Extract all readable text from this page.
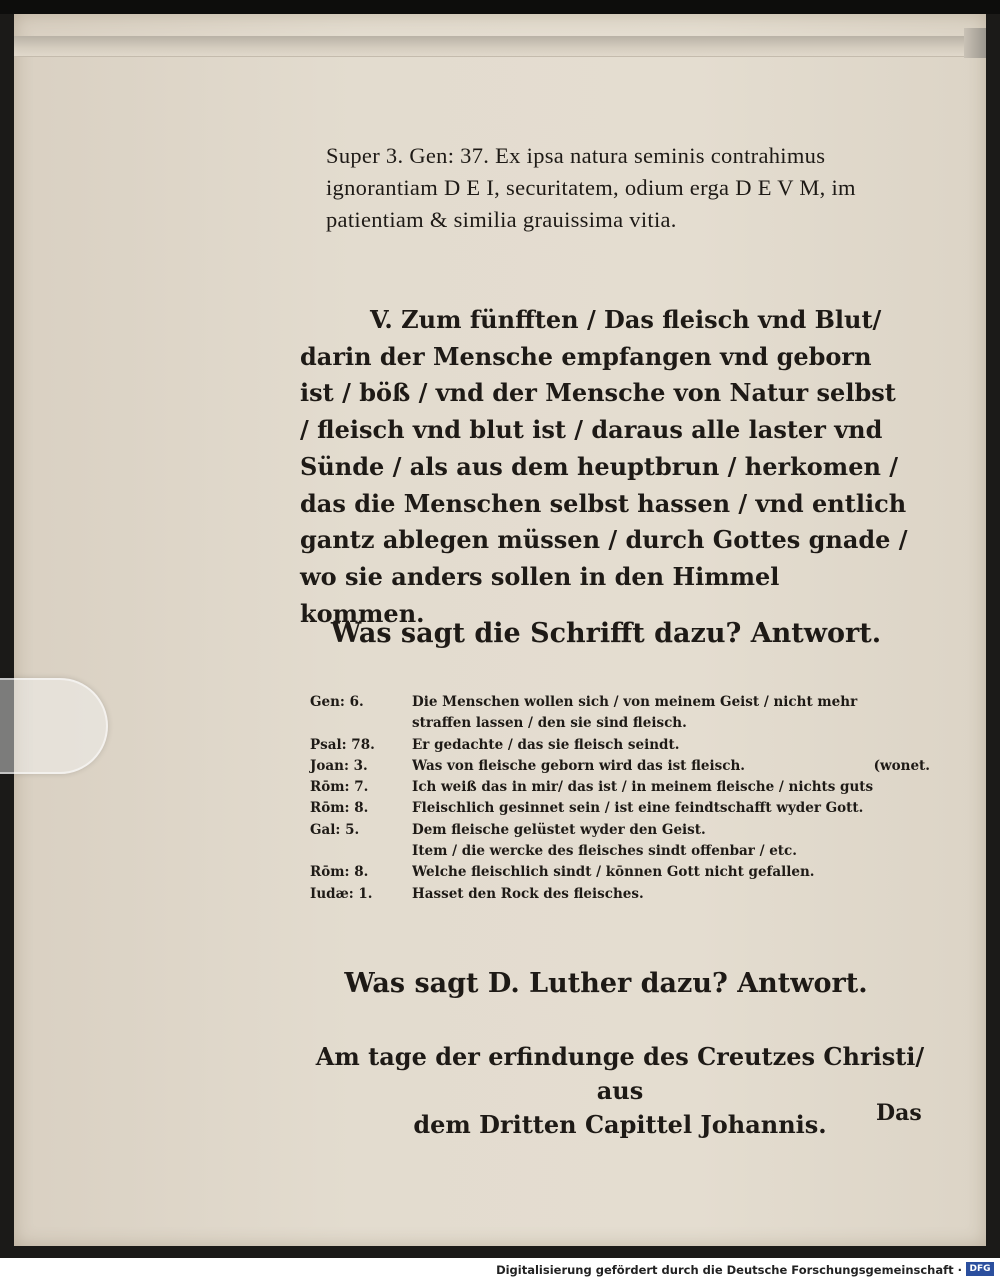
Super 3. Gen: 37. Ex ipsa natura seminis contrahimus ignorantiam D E I, securitatem, odium erga D E V M, im patientiam & similia grauissima vitia.

V. Zum fünfften / Das fleisch vnd Blut/ darin der Mensche empfangen vnd geborn ist / böß / vnd der Mensche von Natur selbst / fleisch vnd blut ist / daraus alle laster vnd Sünde / als aus dem heuptbrun / herkomen / das die Menschen selbst hassen / vnd entlich gantz ablegen müssen / durch Gottes gnade / wo sie anders sollen in den Himmel kommen.

Was sagt die Schrifft dazu? Antwort.
Gen: 6.	Die Menschen wollen sich / von meinem Geist / nicht mehr
straffen lassen / den sie sind fleisch.
Psal: 78.	Er gedachte / das sie fleisch seindt.
Joan: 3.	Was von fleische geborn wird das ist fleisch.	(wonet.
Rōm: 7.	Ich weiß das in mir/ das ist / in meinem fleische / nichts guts
Rōm: 8.	Fleischlich gesinnet sein / ist eine feindtschafft wyder Gott.
Gal: 5.	Dem fleische gelüstet wyder den Geist.
Item / die wercke des fleisches sindt offenbar / etc.
Rōm: 8.	Welche fleischlich sindt / kōnnen Gott nicht gefallen.
Iudæ: 1.	Hasset den Rock des fleisches.
Was sagt D. Luther dazu? Antwort.
Am tage der erfindunge des Creutzes Christi/ aus
dem Dritten Capittel Johannis.	Das
Digitalisierung gefördert durch die Deutsche Forschungsgemeinschaft · DFG
